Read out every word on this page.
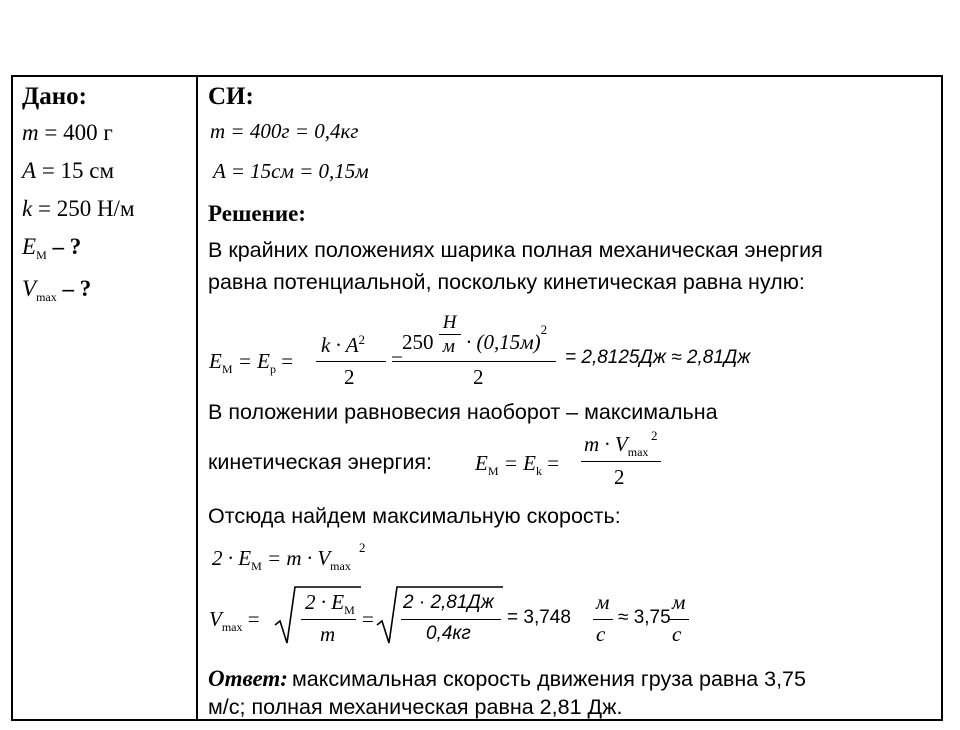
Дано:
m = 400 г
A = 15 см
k = 250 Н/м
$E_M$ – ?
$V_{max}$ – ?
СИ:
m = 400г = 0,4кг
A = 15см = 0,15м
Решение:
В крайних положениях шарика полная механическая энергия
равна потенциальной, поскольку кинетическая равна нулю:
$E_M = E_p$ =
$k \cdot A^2$
2
=
250
H
$м \cdot (0,15м)^2$
2
= 2,8125Дж ≈ 2,81Дж
В положении равновесия наоборот – максимальна
кинетическая энергия: $E_M = E_k$ =
$m \cdot V_{max}$
2
2
Отсюда найдем максимальную скорость:
$2 \cdot E_M = m \cdot V_{max}$
2
$V_{max}$ =
$2 \cdot E_M$
m
=
2 · 2,81Дж
0,4кг
= 3,748
м
с
≈ 3,75
м
с
Ответ: максимальная скорость движения груза равна 3,75
м/с; полная механическая равна 2,81 Дж.
